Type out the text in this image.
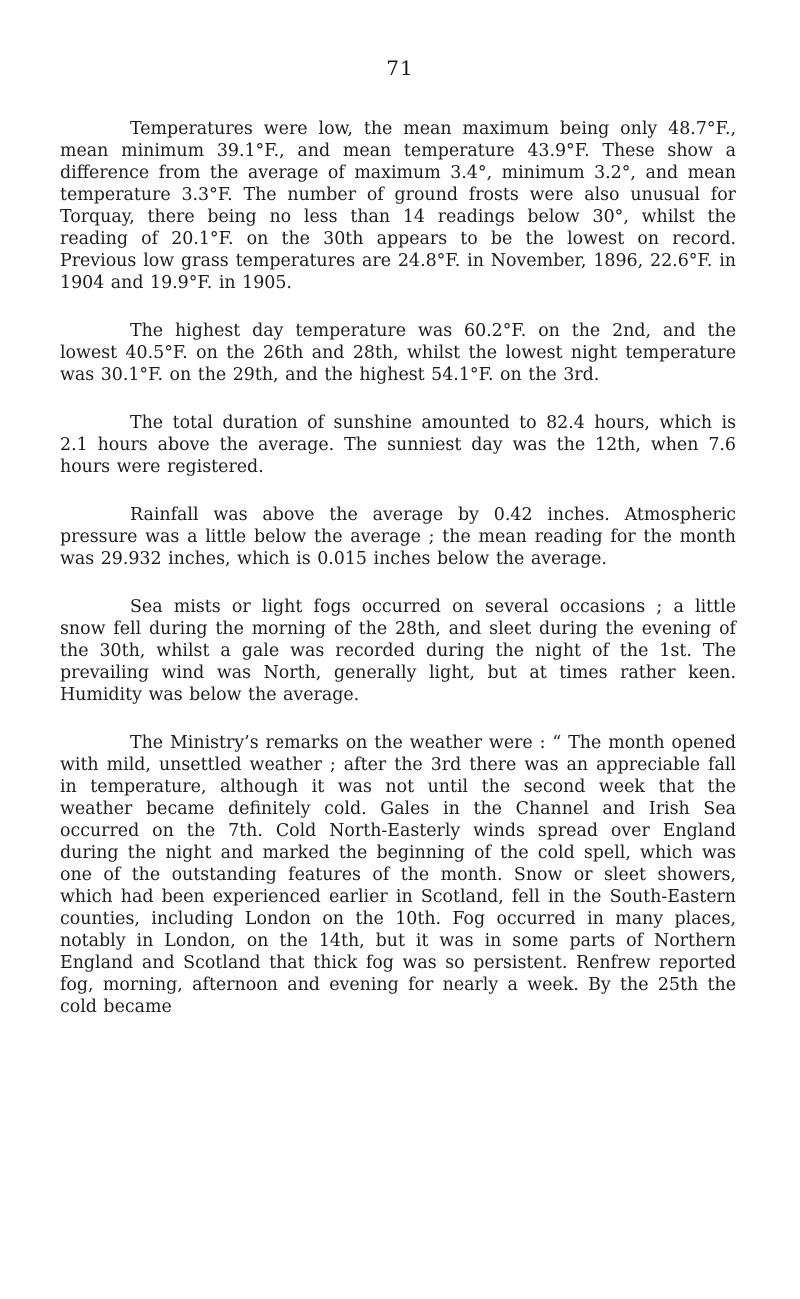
71

Temperatures were low, the mean maximum being only 48.7°F., mean minimum 39.1°F., and mean temperature 43.9°F. These show a difference from the average of maximum 3.4°, minimum 3.2°, and mean temperature 3.3°F. The number of ground frosts were also unusual for Torquay, there being no less than 14 readings below 30°, whilst the reading of 20.1°F. on the 30th appears to be the lowest on record. Previous low grass temperatures are 24.8°F. in November, 1896, 22.6°F. in 1904 and 19.9°F. in 1905.

The highest day temperature was 60.2°F. on the 2nd, and the lowest 40.5°F. on the 26th and 28th, whilst the lowest night temperature was 30.1°F. on the 29th, and the highest 54.1°F. on the 3rd.

The total duration of sunshine amounted to 82.4 hours, which is 2.1 hours above the average. The sunniest day was the 12th, when 7.6 hours were registered.

Rainfall was above the average by 0.42 inches. Atmospheric pressure was a little below the average ; the mean reading for the month was 29.932 inches, which is 0.015 inches below the average.

Sea mists or light fogs occurred on several occasions ; a little snow fell during the morning of the 28th, and sleet during the evening of the 30th, whilst a gale was recorded during the night of the 1st. The prevailing wind was North, generally light, but at times rather keen. Humidity was below the average.

The Ministry’s remarks on the weather were : “ The month opened with mild, unsettled weather ; after the 3rd there was an appreciable fall in temperature, although it was not until the second week that the weather became definitely cold. Gales in the Channel and Irish Sea occurred on the 7th. Cold North-Easterly winds spread over England during the night and marked the beginning of the cold spell, which was one of the outstanding features of the month. Snow or sleet showers, which had been experienced earlier in Scotland, fell in the South-Eastern counties, including London on the 10th. Fog occurred in many places, notably in London, on the 14th, but it was in some parts of Northern England and Scotland that thick fog was so persistent. Renfrew reported fog, morning, afternoon and evening for nearly a week. By the 25th the cold became
